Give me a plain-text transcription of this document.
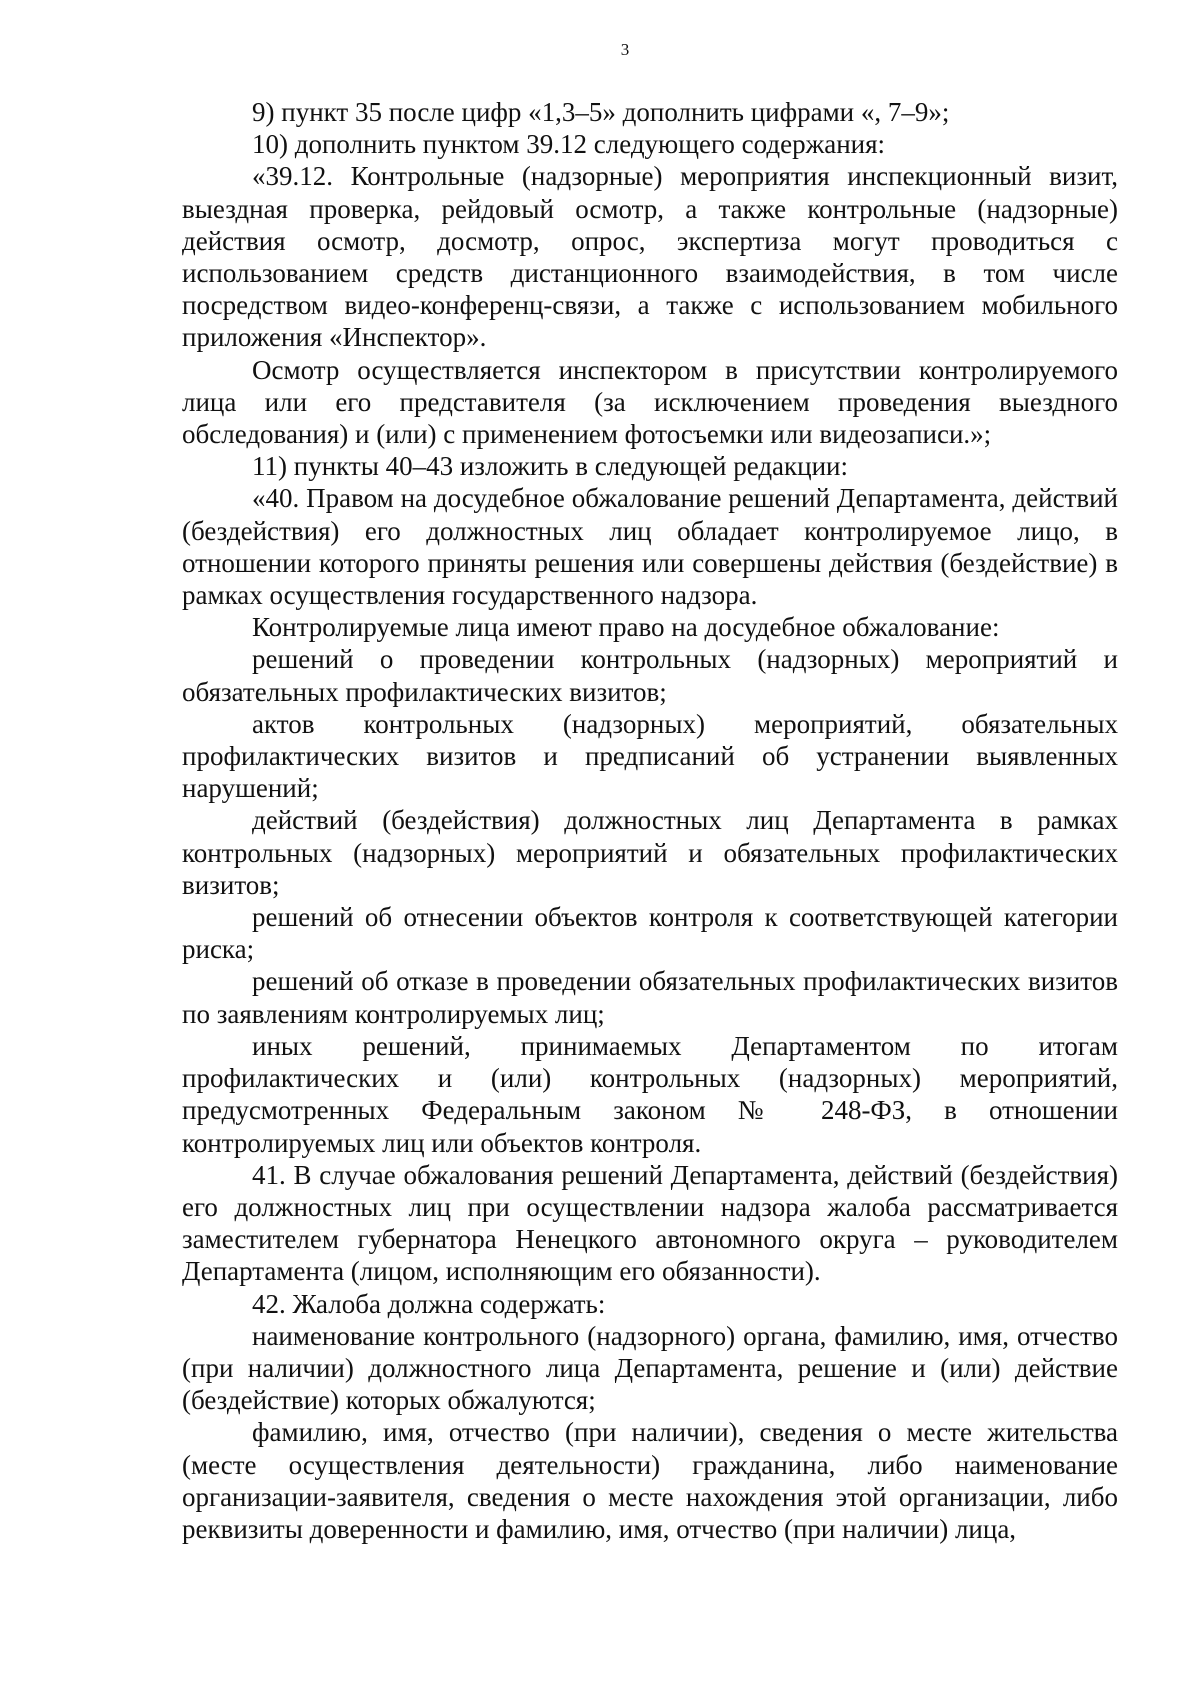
3

9) пункт 35 после цифр «1,3–5» дополнить цифрами «, 7–9»;

10) дополнить пунктом 39.12 следующего содержания:

«39.12. Контрольные (надзорные) мероприятия инспекционный визит, выездная проверка, рейдовый осмотр, а также контрольные (надзорные) действия осмотр, досмотр, опрос, экспертиза могут проводиться с использованием средств дистанционного взаимодействия, в том числе посредством видео-конференц-связи, а также с использованием мобильного приложения «Инспектор».

Осмотр осуществляется инспектором в присутствии контролируемого лица или его представителя (за исключением проведения выездного обследования) и (или) с применением фотосъемки или видеозаписи.»;

11) пункты 40–43 изложить в следующей редакции:

«40. Правом на досудебное обжалование решений Департамента, действий (бездействия) его должностных лиц обладает контролируемое лицо, в отношении которого приняты решения или совершены действия (бездействие) в рамках осуществления государственного надзора.

Контролируемые лица имеют право на досудебное обжалование:

решений о проведении контрольных (надзорных) мероприятий и обязательных профилактических визитов;

актов контрольных (надзорных) мероприятий, обязательных профилактических визитов и предписаний об устранении выявленных нарушений;

действий (бездействия) должностных лиц Департамента в рамках контрольных (надзорных) мероприятий и обязательных профилактических визитов;

решений об отнесении объектов контроля к соответствующей категории риска;

решений об отказе в проведении обязательных профилактических визитов по заявлениям контролируемых лиц;

иных решений, принимаемых Департаментом по итогам профилактических и (или) контрольных (надзорных) мероприятий, предусмотренных Федеральным законом № 248-ФЗ, в отношении контролируемых лиц или объектов контроля.

41. В случае обжалования решений Департамента, действий (бездействия) его должностных лиц при осуществлении надзора жалоба рассматривается заместителем губернатора Ненецкого автономного округа – руководителем Департамента (лицом, исполняющим его обязанности).

42. Жалоба должна содержать:

наименование контрольного (надзорного) органа, фамилию, имя, отчество (при наличии) должностного лица Департамента, решение и (или) действие (бездействие) которых обжалуются;

фамилию, имя, отчество (при наличии), сведения о месте жительства (месте осуществления деятельности) гражданина, либо наименование организации-заявителя, сведения о месте нахождения этой организации, либо реквизиты доверенности и фамилию, имя, отчество (при наличии) лица,
